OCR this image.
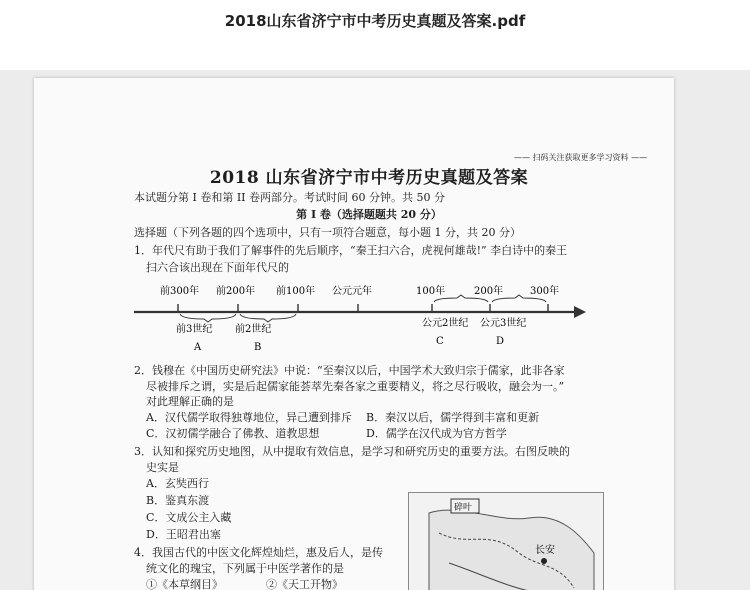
2018山东省济宁市中考历史真题及答案.pdf
—— 扫码关注获取更多学习资料 ——
2018 山东省济宁市中考历史真题及答案
本试题分第 I 卷和第 II 卷两部分。考试时间 60 分钟。共 50 分
第 I 卷（选择题题共 20 分）
选择题（下列各题的四个选项中，只有一项符合题意，每小题 1 分，共 20 分）
1．年代尺有助于我们了解事件的先后顺序，“秦王扫六合，虎视何雄哉!” 李白诗中的秦王
扫六合该出现在下面年代尺的
前300年 前200年 前100年 公元元年	100年	200年	300年
前3世纪 前2世纪
公元2世纪 公元3世纪
A	B
C	D
2．钱穆在《中国历史研究法》中说：“至秦汉以后，中国学术大致归宗于儒家，此非各家
尽被排斥之谓，实是后起儒家能荟萃先秦各家之重要精义，将之尽行吸收，融会为一。”
对此理解正确的是
A．汉代儒学取得独尊地位，异己遭到排斥 B．秦汉以后，儒学得到丰富和更新
C．汉初儒学融合了佛教、道教思想	D．儒学在汉代成为官方哲学
3．认知和探究历史地图，从中提取有效信息，是学习和研究历史的重要方法。右图反映的
史实是
A．玄奘西行
B．鉴真东渡
C．文成公主入藏
D．王昭君出塞
4．我国古代的中医文化辉煌灿烂，惠及后人，是传
统文化的瑰宝，下列属于中医学著作的是
①《本草纲目》	②《天工开物》
长安
碎叶
